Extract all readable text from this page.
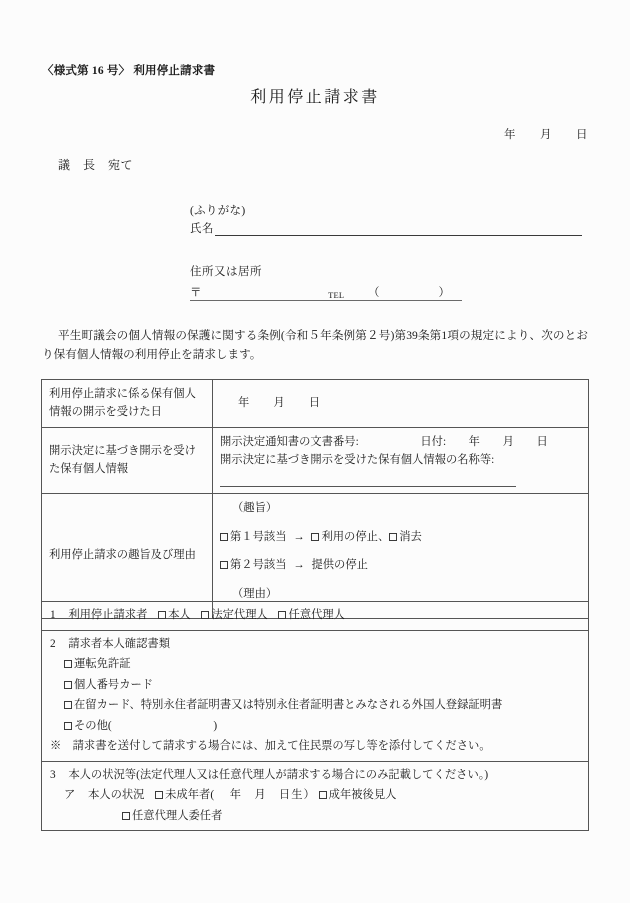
〈様式第 16 号〉 利用停止請求書
利用停止請求書
年　　月　　日
議　長　宛て
(ふりがな)
氏名
住所又は居所
〒	TEL （　　）
平生町議会の個人情報の保護に関する条例(令和５年条例第２号)第39条第1項の規定により、次のとおり保有個人情報の利用停止を請求します。
利用停止請求に係る保有個人情報の開示を受けた日	年　　月　　日
開示決定に基づき開示を受けた保有個人情報	開示決定通知書の文書番号: 日付:　　年　　月　　日
開示決定に基づき開示を受けた保有個人情報の名称等:

利用停止請求の趣旨及び理由	（趣旨）
第１号該当 → 利用の停止、 消去
第２号該当 → 提供の停止
（理由）
1 利用停止請求者 本人 法定代理人 任意代理人

2 請求者本人確認書類
運転免許証
個人番号カード
在留カード、特別永住者証明書又は特別永住者証明書とみなされる外国人登録証明書
その他(	)
※　請求書を送付して請求する場合には、加えて住民票の写し等を添付してください。

3 本人の状況等(法定代理人又は任意代理人が請求する場合にのみ記載してください。)
ア 本人の状況 未成年者( 年　月　日生） 成年被後見人
任意代理人委任者
